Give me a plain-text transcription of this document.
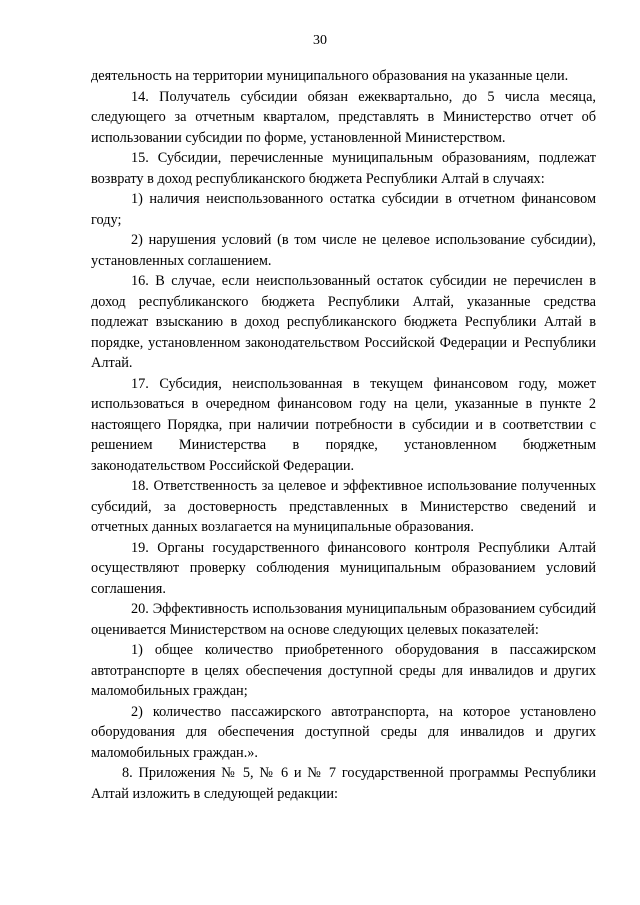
30

деятельность на территории муниципального образования на указанные цели.

14. Получатель субсидии обязан ежеквартально, до 5 числа месяца, следующего за отчетным кварталом, представлять в Министерство отчет об использовании субсидии по форме, установленной Министерством.

15. Субсидии, перечисленные муниципальным образованиям, подлежат возврату в доход республиканского бюджета Республики Алтай в случаях:

1) наличия неиспользованного остатка субсидии в отчетном финансовом году;

2) нарушения условий (в том числе не целевое использование субсидии), установленных соглашением.

16. В случае, если неиспользованный остаток субсидии не перечислен в доход республиканского бюджета Республики Алтай, указанные средства подлежат взысканию в доход республиканского бюджета Республики Алтай в порядке, установленном законодательством Российской Федерации и Республики Алтай.

17. Субсидия, неиспользованная в текущем финансовом году, может использоваться в очередном финансовом году на цели, указанные в пункте 2 настоящего Порядка, при наличии потребности в субсидии и в соответствии с решением Министерства в порядке, установленном бюджетным законодательством Российской Федерации.

18. Ответственность за целевое и эффективное использование полученных субсидий, за достоверность представленных в Министерство сведений и отчетных данных возлагается на муниципальные образования.

19. Органы государственного финансового контроля Республики Алтай осуществляют проверку соблюдения муниципальным образованием условий соглашения.

20. Эффективность использования муниципальным образованием субсидий оценивается Министерством на основе следующих целевых показателей:

1) общее количество приобретенного оборудования в пассажирском автотранспорте в целях обеспечения доступной среды для инвалидов и других маломобильных граждан;

2) количество пассажирского автотранспорта, на которое установлено оборудования для обеспечения доступной среды для инвалидов и других маломобильных граждан.».

8. Приложения № 5, № 6 и № 7 государственной программы Республики Алтай изложить в следующей редакции:
